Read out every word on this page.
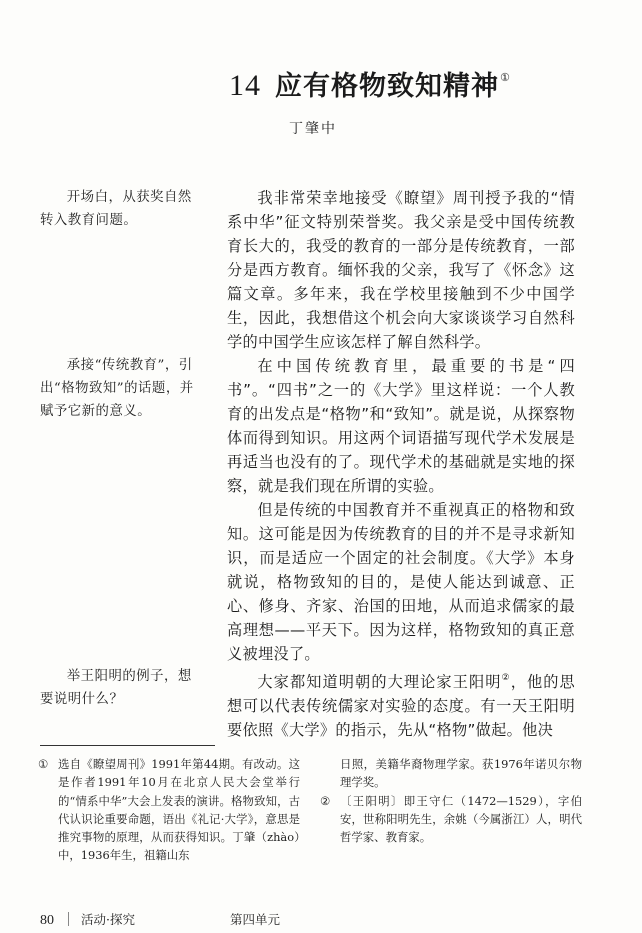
14 应有格物致知精神①
丁肇中
开场白，从获奖自然转入教育问题。
承接“传统教育”，引出“格物致知”的话题，并赋予它新的意义。
举王阳明的例子，想要说明什么？

我非常荣幸地接受《瞭望》周刊授予我的“情系中华”征文特别荣誉奖。我父亲是受中国传统教育长大的，我受的教育的一部分是传统教育，一部分是西方教育。缅怀我的父亲，我写了《怀念》这篇文章。多年来，我在学校里接触到不少中国学生，因此，我想借这个机会向大家谈谈学习自然科学的中国学生应该怎样了解自然科学。

在中国传统教育里，最重要的书是“四书”。“四书”之一的《大学》里这样说：一个人教育的出发点是“格物”和“致知”。就是说，从探察物体而得到知识。用这两个词语描写现代学术发展是再适当也没有的了。现代学术的基础就是实地的探察，就是我们现在所谓的实验。

但是传统的中国教育并不重视真正的格物和致知。这可能是因为传统教育的目的并不是寻求新知识，而是适应一个固定的社会制度。《大学》本身就说，格物致知的目的，是使人能达到诚意、正心、修身、齐家、治国的田地，从而追求儒家的最高理想——平天下。因为这样，格物致知的真正意义被埋没了。

大家都知道明朝的大理论家王阳明②，他的思想可以代表传统儒家对实验的态度。有一天王阳明要依照《大学》的指示，先从“格物”做起。他决

① 选自《瞭望周刊》1991年第44期。有改动。这是作者1991年10月在北京人民大会堂举行的“情系中华”大会上发表的演讲。格物致知，古代认识论重要命题，语出《礼记·大学》，意思是推究事物的原理，从而获得知识。丁肇（zhào）中，1936年生，祖籍山东
日照，美籍华裔物理学家。获1976年诺贝尔物理学奖。
② 〔王阳明〕即王守仁（1472—1529），字伯安，世称阳明先生，余姚（今属浙江）人，明代哲学家、教育家。
80 活动·探究	第四单元
